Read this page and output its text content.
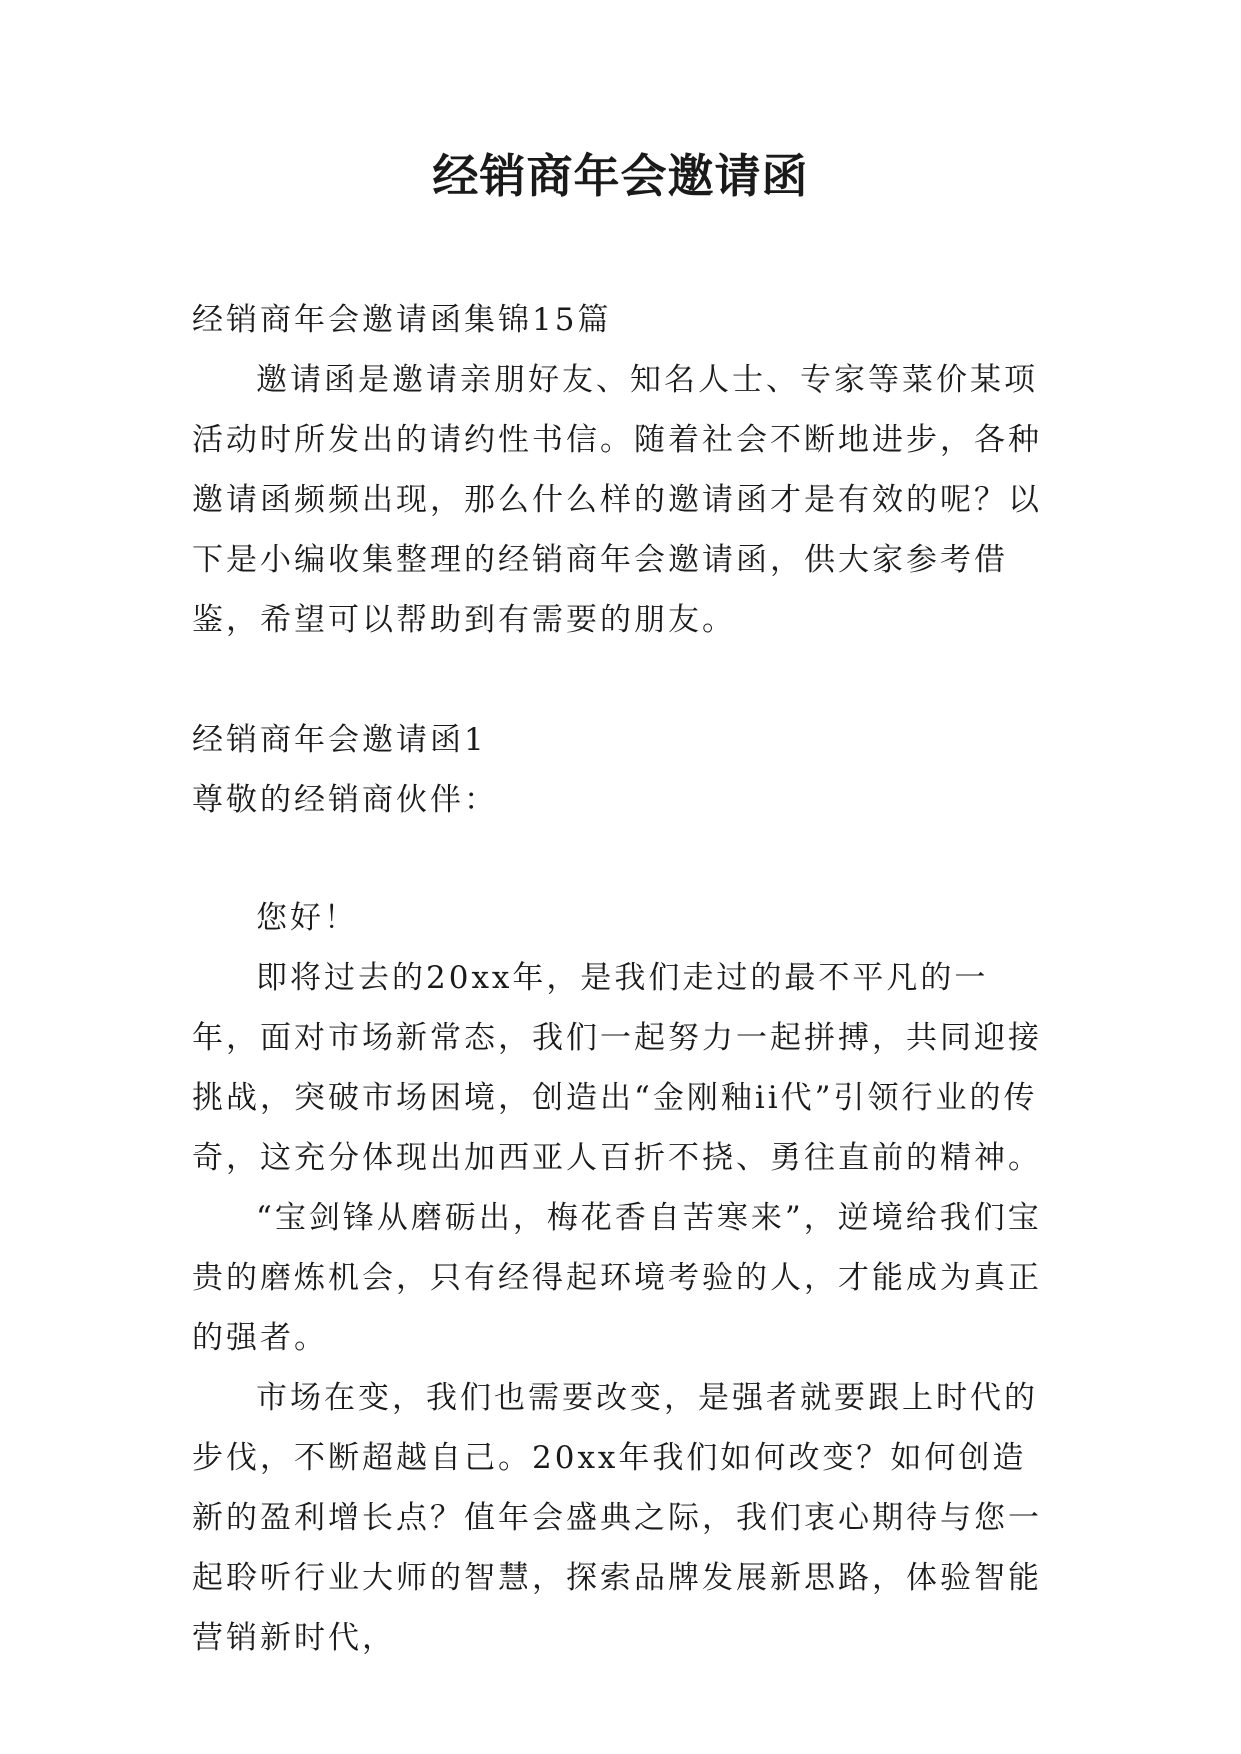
经销商年会邀请函

经销商年会邀请函集锦15篇

邀请函是邀请亲朋好友、知名人士、专家等菜价某项活动时所发出的请约性书信。随着社会不断地进步，各种邀请函频频出现，那么什么样的邀请函才是有效的呢？以下是小编收集整理的经销商年会邀请函，供大家参考借鉴，希望可以帮助到有需要的朋友。

经销商年会邀请函1

尊敬的经销商伙伴：

您好！

即将过去的20xx年，是我们走过的最不平凡的一年，面对市场新常态，我们一起努力一起拼搏，共同迎接挑战，突破市场困境，创造出“金刚釉ii代”引领行业的传奇，这充分体现出加西亚人百折不挠、勇往直前的精神。

“宝剑锋从磨砺出，梅花香自苦寒来”，逆境给我们宝贵的磨炼机会，只有经得起环境考验的人，才能成为真正的强者。

市场在变，我们也需要改变，是强者就要跟上时代的步伐，不断超越自己。20xx年我们如何改变？如何创造新的盈利增长点？值年会盛典之际，我们衷心期待与您一起聆听行业大师的智慧，探索品牌发展新思路，体验智能营销新时代，
